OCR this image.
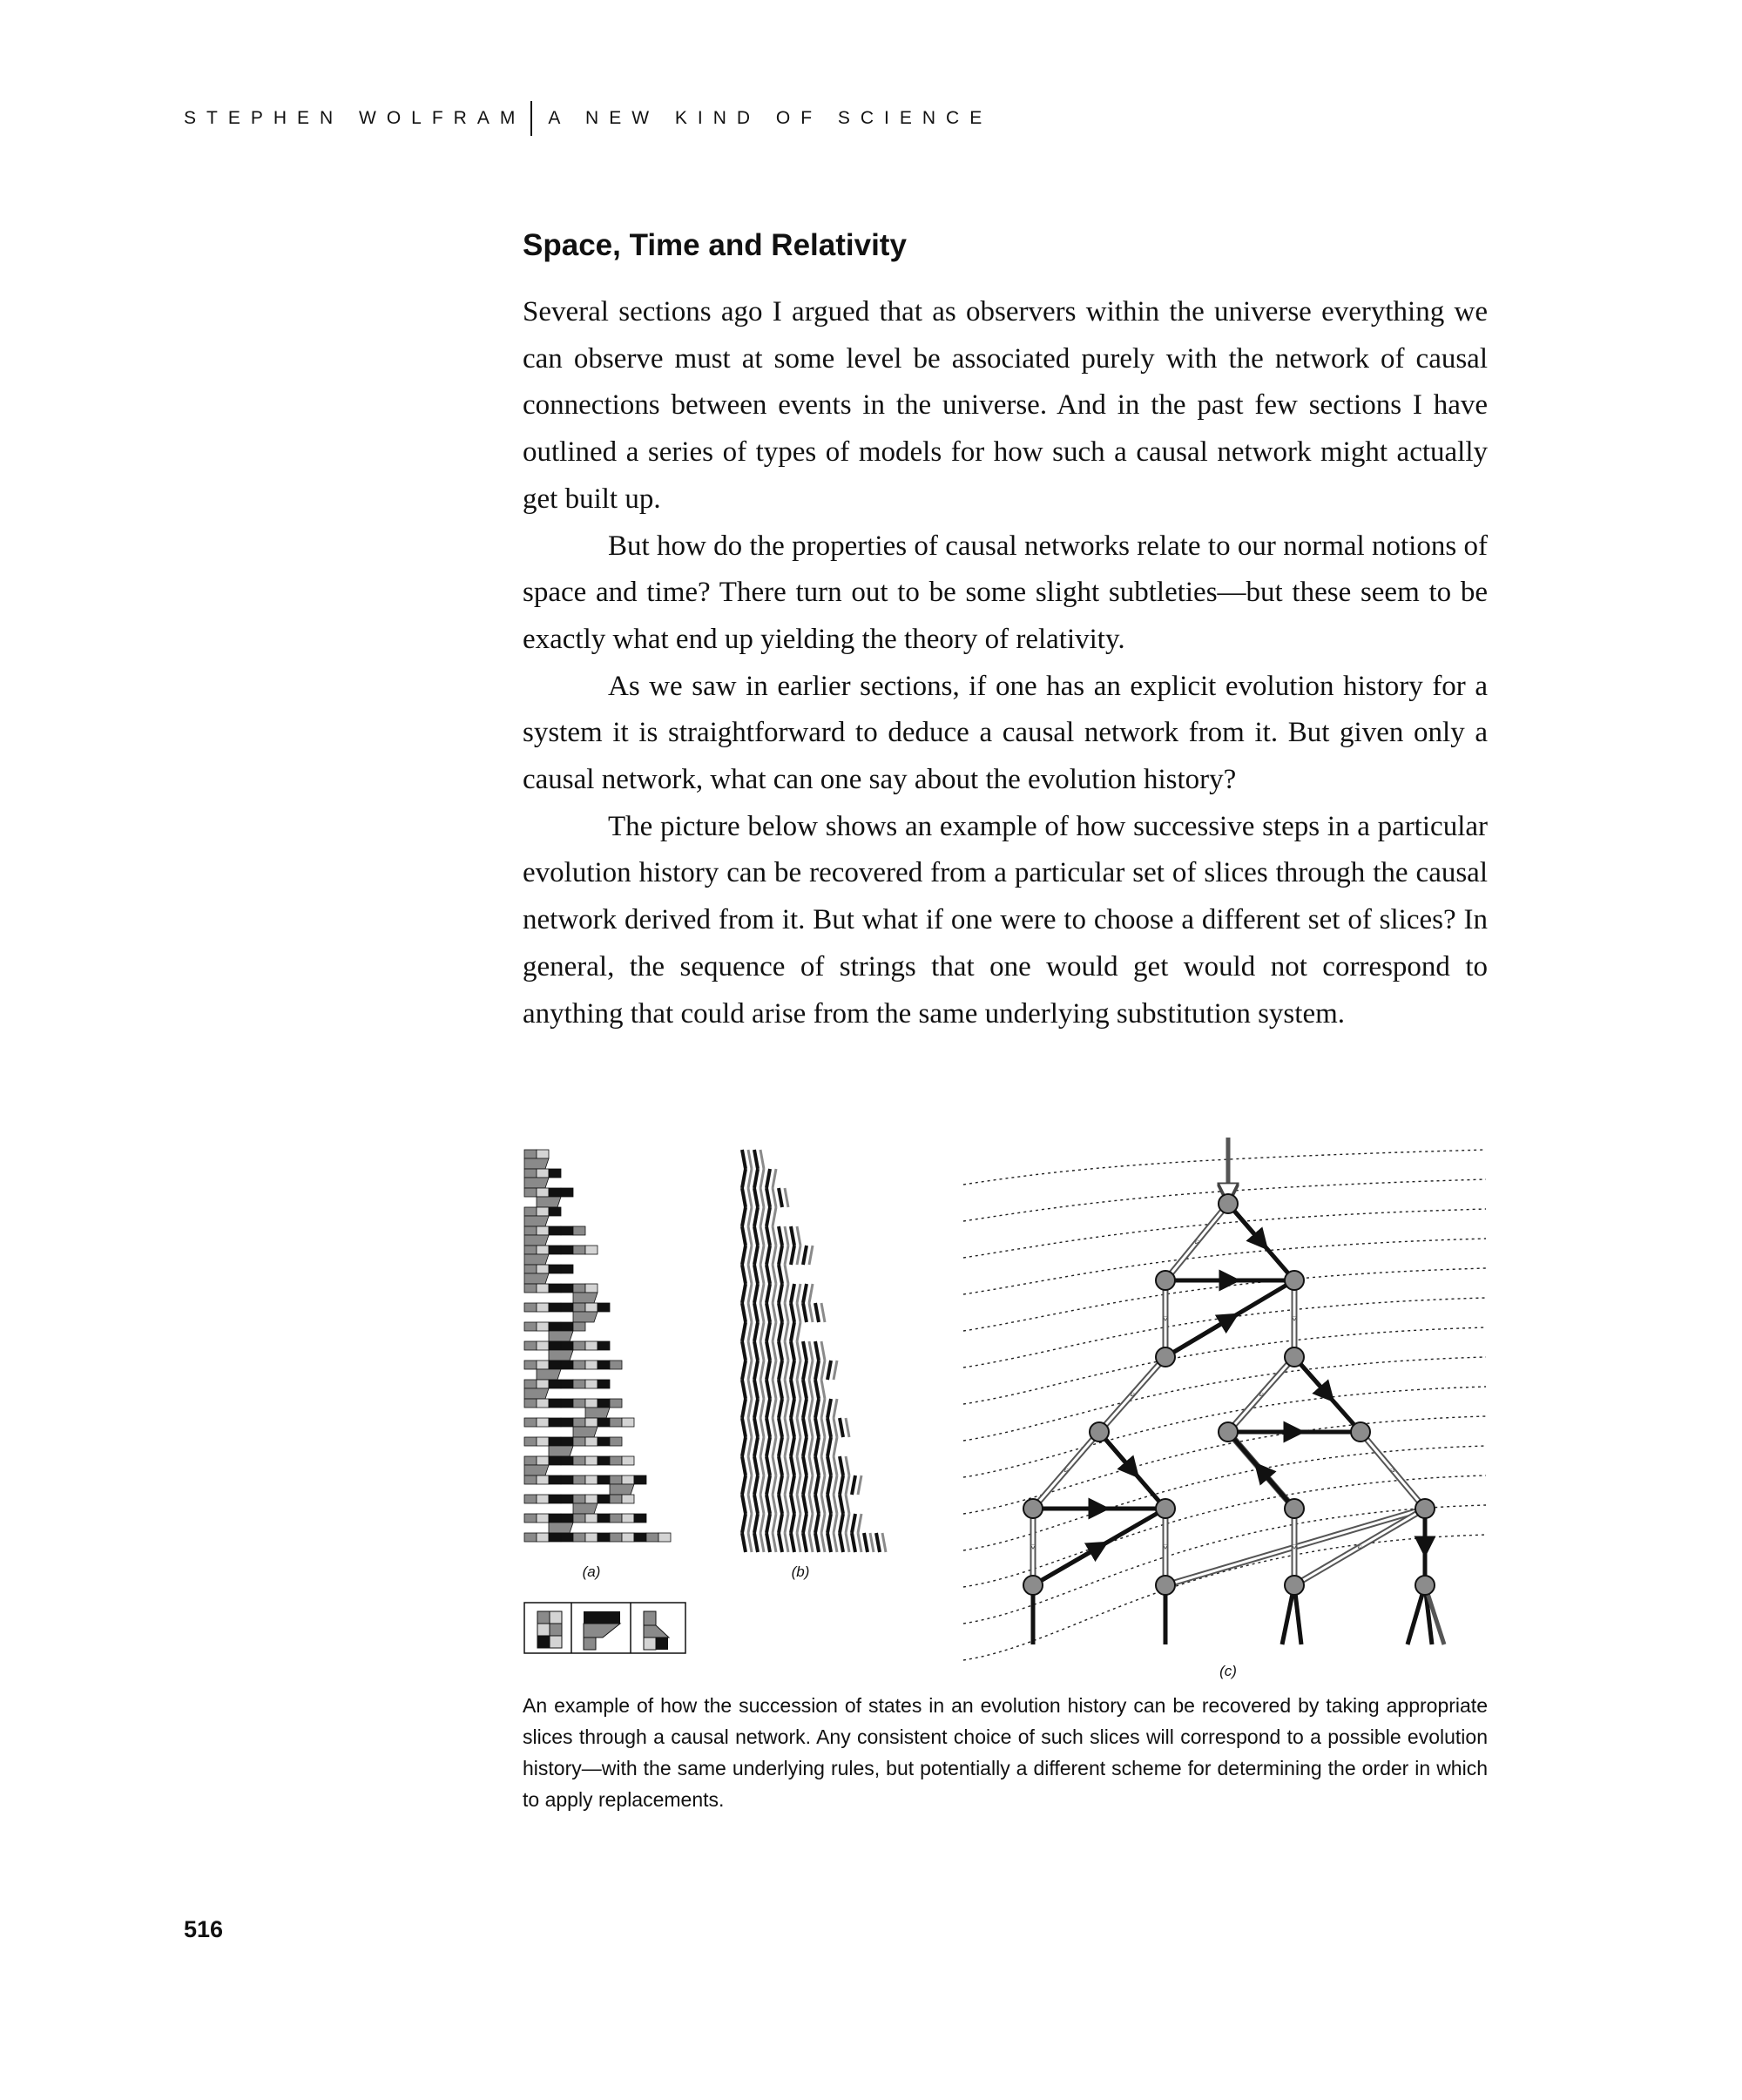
STEPHEN WOLFRAM A NEW KIND OF SCIENCE
Space, Time and Relativity

Several sections ago I argued that as observers within the universe everything we can observe must at some level be associated purely with the network of causal connections between events in the universe. And in the past few sections I have outlined a series of types of models for how such a causal network might actually get built up.

But how do the properties of causal networks relate to our normal notions of space and time? There turn out to be some slight subtleties—but these seem to be exactly what end up yielding the theory of relativity.

As we saw in earlier sections, if one has an explicit evolution history for a system it is straightforward to deduce a causal network from it. But given only a causal network, what can one say about the evolution history?

The picture below shows an example of how successive steps in a particular evolution history can be recovered from a particular set of slices through the causal network derived from it. But what if one were to choose a different set of slices? In general, the sequence of strings that one would get would not correspond to anything that could arise from the same underlying substitution system.

(a)	(b)
(c)
An example of how the succession of states in an evolution history can be recovered by taking appropriate slices through a causal network. Any consistent choice of such slices will correspond to a possible evolution history—with the same underlying rules, but potentially a different scheme for determining the order in which to apply replacements.
516
